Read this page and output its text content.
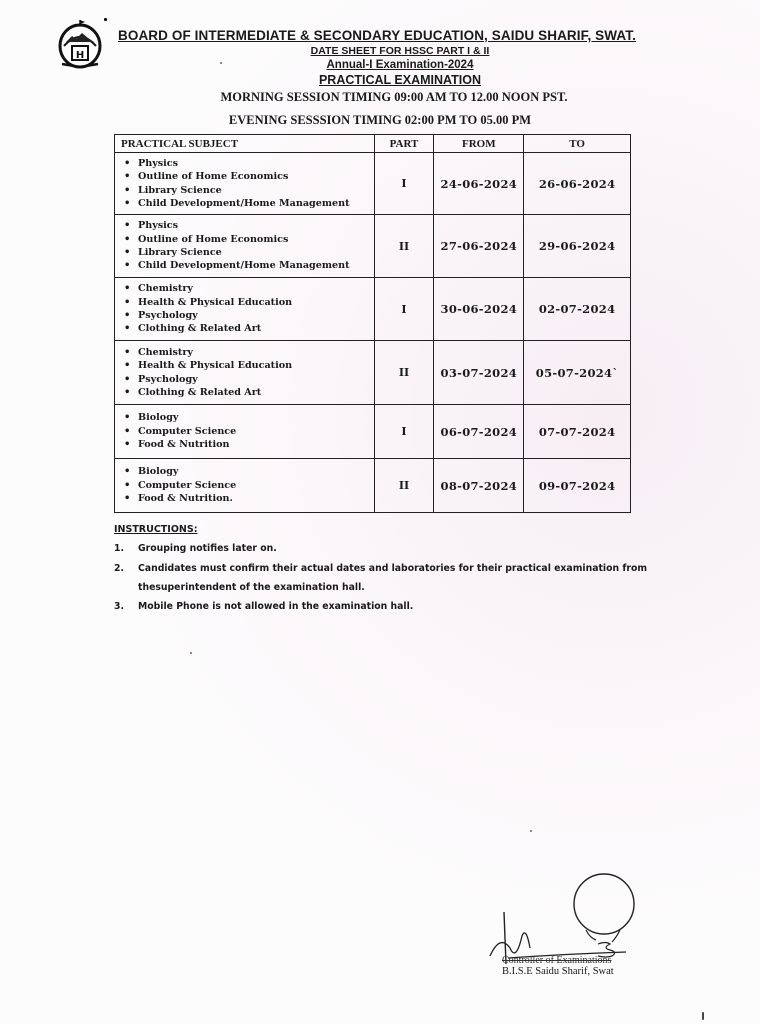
H
BOARD OF INTERMEDIATE & SECONDARY EDUCATION, SAIDU SHARIF, SWAT.
DATE SHEET FOR HSSC PART I & II
Annual-I Examination-2024
PRACTICAL EXAMINATION
MORNING SESSION TIMING 09:00 AM TO 12.00 NOON PST.
EVENING SESSSION TIMING 02:00 PM TO 05.00 PM
PRACTICAL SUBJECT	PART	FROM	TO

• Physics
• Outline of Home Economics
• Library Science
• Child Development/Home Management
	I	24-06-2024	26-06-2024

• Physics
• Outline of Home Economics
• Library Science
• Child Development/Home Management
	II	27-06-2024	29-06-2024

• Chemistry
• Health & Physical Education
• Psychology
• Clothing & Related Art
	I	30-06-2024	02-07-2024

• Chemistry
• Health & Physical Education
• Psychology
• Clothing & Related Art
	II	03-07-2024	05-07-2024`

• Biology
• Computer Science
• Food & Nutrition
	I	06-07-2024	07-07-2024

• Biology
• Computer Science
• Food & Nutrition.
	II	08-07-2024	09-07-2024
INSTRUCTIONS:
1. Grouping notifies later on.
2. Candidates must confirm their actual dates and laboratories for their practical examination from
thesuperintendent of the examination hall.
3. Mobile Phone is not allowed in the examination hall.
Controller of Examinations
B.I.S.E Saidu Sharif, Swat
